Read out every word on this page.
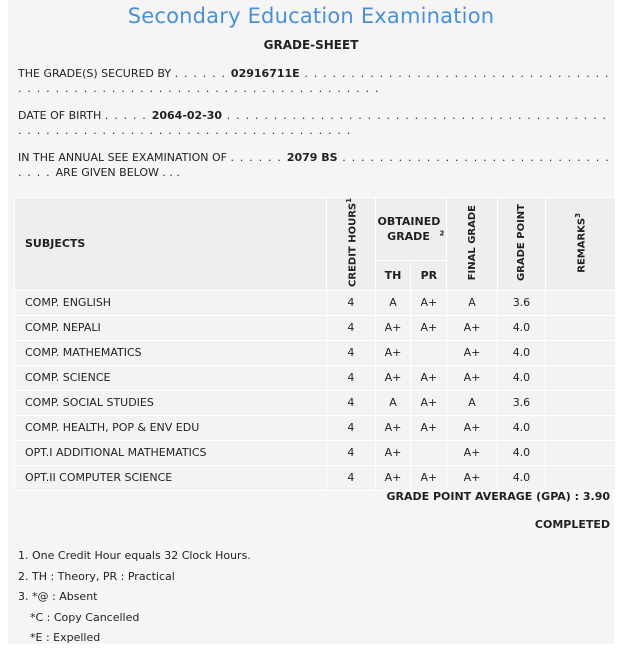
Secondary Education Examination
GRADE-SHEET
THE GRADE(S) SECURED BY . . . . . . 02916711E . . . . . . . . . . . . . . . . . . . . . . . . . . . . . . . . . . . . . . . . . . . . . . . . . . . . . . . . . . . . . . . . . . . . . . . .
DATE OF BIRTH . . . . . 2064-02-30 . . . . . . . . . . . . . . . . . . . . . . . . . . . . . . . . . . . . . . . . . . . . . . . . . . . . . . . . . . . . . . . . . . . . . . . . . . . . .
IN THE ANNUAL SEE EXAMINATION OF . . . . . . 2079 BS . . . . . . . . . . . . . . . . . . . . . . . . . . . . . . . . . ARE GIVEN BELOW . . .
SUBJECTS	CREDIT HOURS$^1$	OBTAINED GRADE $^2$		FINAL GRADE	GRADE POINT	REMARKS$^3$
		TH	PR			
COMP. ENGLISH	4	A	A+	A	3.6	
COMP. NEPALI	4	A+	A+	A+	4.0	
COMP. MATHEMATICS	4	A+		A+	4.0	
COMP. SCIENCE	4	A+	A+	A+	4.0	
COMP. SOCIAL STUDIES	4	A	A+	A	3.6	
COMP. HEALTH, POP & ENV EDU	4	A+	A+	A+	4.0	
OPT.I ADDITIONAL MATHEMATICS	4	A+		A+	4.0	
OPT.II COMPUTER SCIENCE	4	A+	A+	A+	4.0	
GRADE POINT AVERAGE (GPA) : 3.90
COMPLETED
1. One Credit Hour equals 32 Clock Hours.
2. TH : Theory, PR : Practical
3. *@ : Absent
*C : Copy Cancelled
*E : Expelled
